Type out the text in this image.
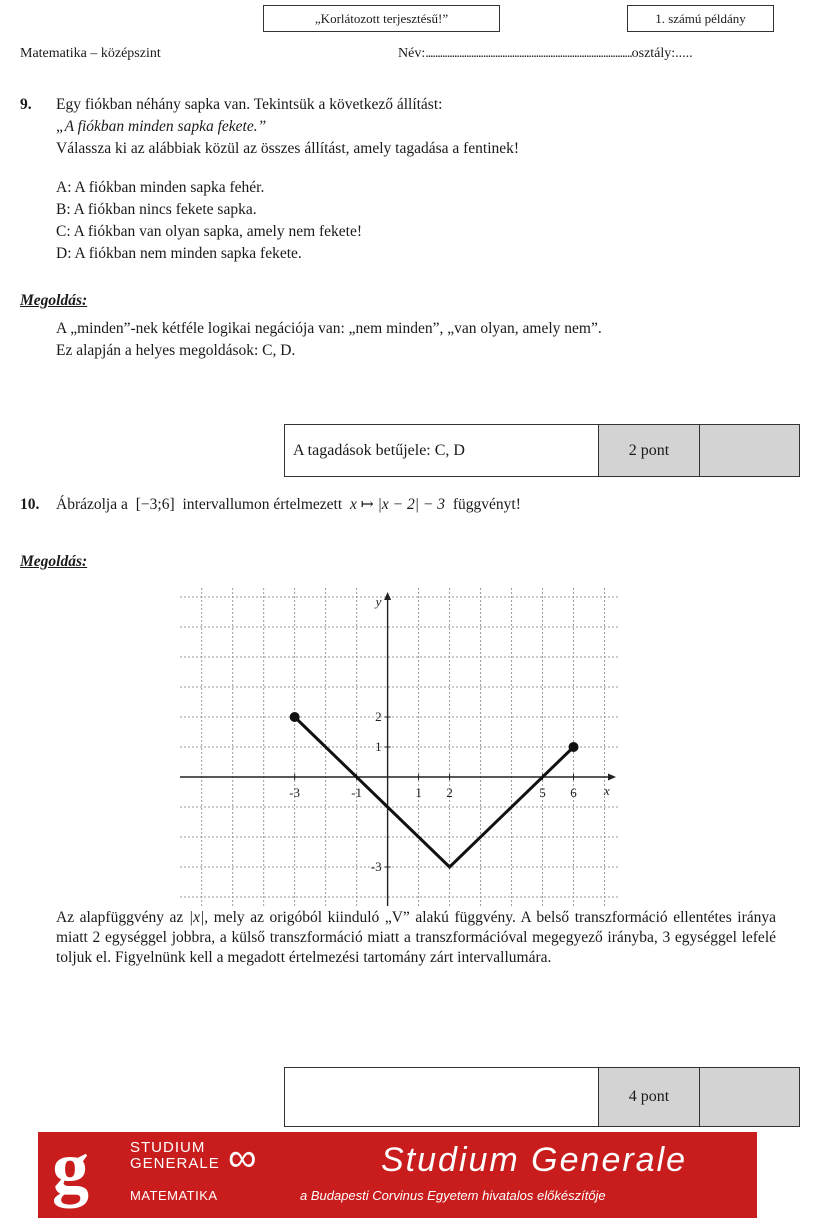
„Korlátozott terjesztésű!”	1. számú példány
Matematika – középszint	Név:......................................................................................osztály:.....
9. Egy fiókban néhány sapka van. Tekintsük a következő állítást:
„A fiókban minden sapka fekete.”
Válassza ki az alábbiak közül az összes állítást, amely tagadása a fentinek!
A: A fiókban minden sapka fehér.
B: A fiókban nincs fekete sapka.
C: A fiókban van olyan sapka, amely nem fekete!
D: A fiókban nem minden sapka fekete.
Megoldás:
A „minden”-nek kétféle logikai negációja van: „nem minden”, „van olyan, amely nem”.
Ez alapján a helyes megoldások: C, D.
A tagadások betűjele: C, D	2 pont
10. Ábrázolja a [−3;6] intervallumon értelmezett x ↦ |x − 2| − 3 függvényt!
Megoldás:
x
y
-3	-1	1 2	5 6
2
1
-3
Az alapfüggvény az |x|, mely az origóból kiinduló „V” alakú függvény. A belső transzformáció ellentétes iránya miatt 2 egységgel jobbra, a külső transzformáció miatt a transzformációval megegyező irányba, 3 egységgel lefelé toljuk el. Figyelnünk kell a megadott értelmezési tartomány zárt intervallumára.
4 pont
g	STUDIUM
GENERALE ∞
MATEMATIKA
Studium Generale
a Budapesti Corvinus Egyetem hivatalos előkészítője
